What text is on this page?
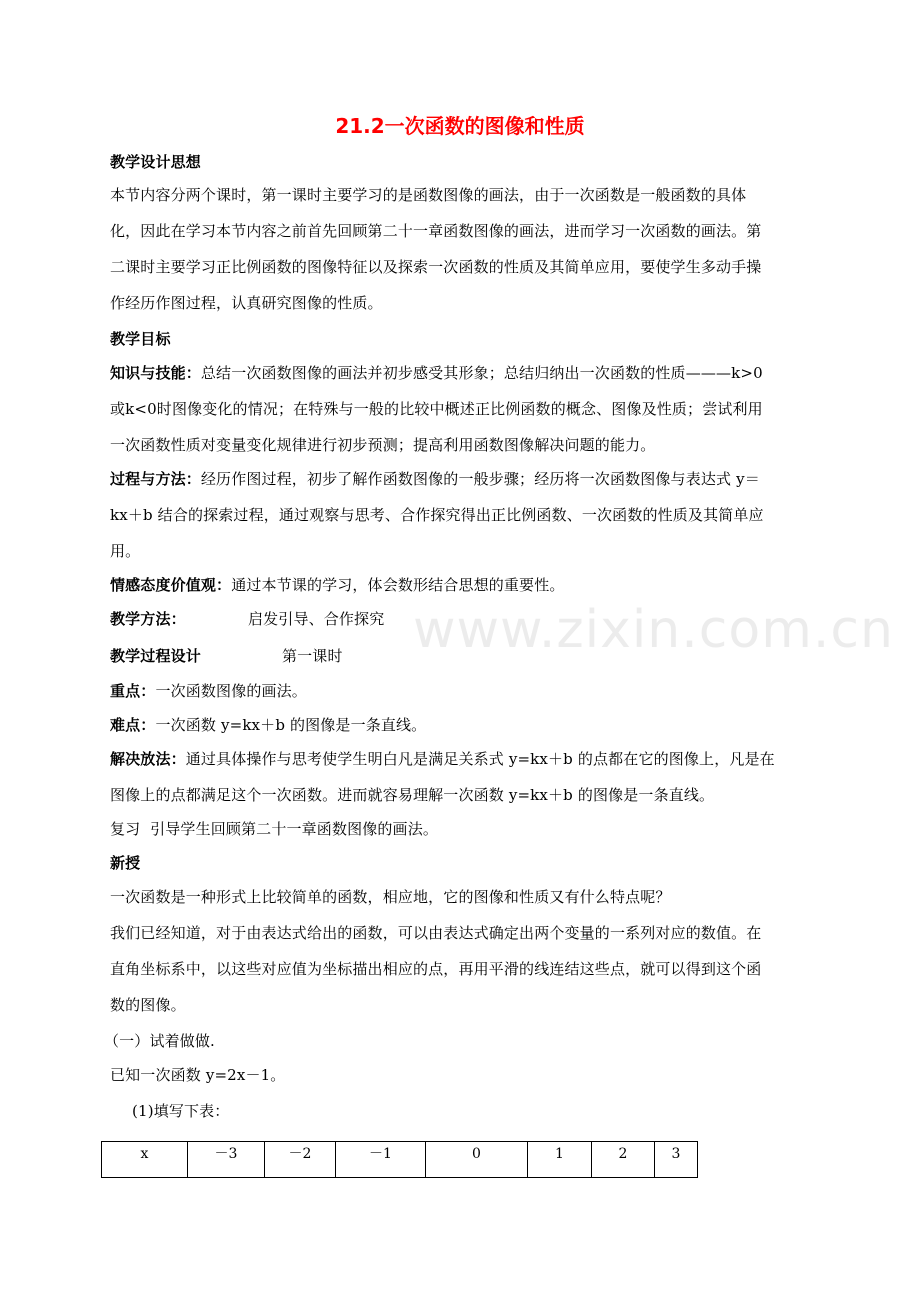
www.zixin.com.cn
21.2一次函数的图像和性质
教学设计思想
本节内容分两个课时，第一课时主要学习的是函数图像的画法，由于一次函数是一般函数的具体
化，因此在学习本节内容之前首先回顾第二十一章函数图像的画法，进而学习一次函数的画法。第
二课时主要学习正比例函数的图像特征以及探索一次函数的性质及其简单应用，要使学生多动手操
作经历作图过程，认真研究图像的性质。
教学目标
知识与技能：总结一次函数图像的画法并初步感受其形象；总结归纳出一次函数的性质———k>0
或k<0时图像变化的情况；在特殊与一般的比较中概述正比例函数的概念、图像及性质；尝试利用
一次函数性质对变量变化规律进行初步预测；提高利用函数图像解决问题的能力。
过程与方法：经历作图过程，初步了解作函数图像的一般步骤；经历将一次函数图像与表达式 y＝
kx＋b 结合的探索过程，通过观察与思考、合作探究得出正比例函数、一次函数的性质及其简单应
用。
情感态度价值观：通过本节课的学习，体会数形结合思想的重要性。
教学方法：	启发引导、合作探究
教学过程设计	第一课时
重点：一次函数图像的画法。
难点：一次函数 y=kx＋b 的图像是一条直线。
解决放法：通过具体操作与思考使学生明白凡是满足关系式 y=kx＋b 的点都在它的图像上，凡是在
图像上的点都满足这个一次函数。进而就容易理解一次函数 y=kx＋b 的图像是一条直线。
复习  引导学生回顾第二十一章函数图像的画法。
新授
一次函数是一种形式上比较简单的函数，相应地，它的图像和性质又有什么特点呢？
我们已经知道，对于由表达式给出的函数，可以由表达式确定出两个变量的一系列对应的数值。在
直角坐标系中，以这些对应值为坐标描出相应的点，再用平滑的线连结这些点，就可以得到这个函
数的图像。
（一）试着做做.
已知一次函数 y=2x－1。
(1)填写下表：
x	－3	－2	－1	0	1	2	3
